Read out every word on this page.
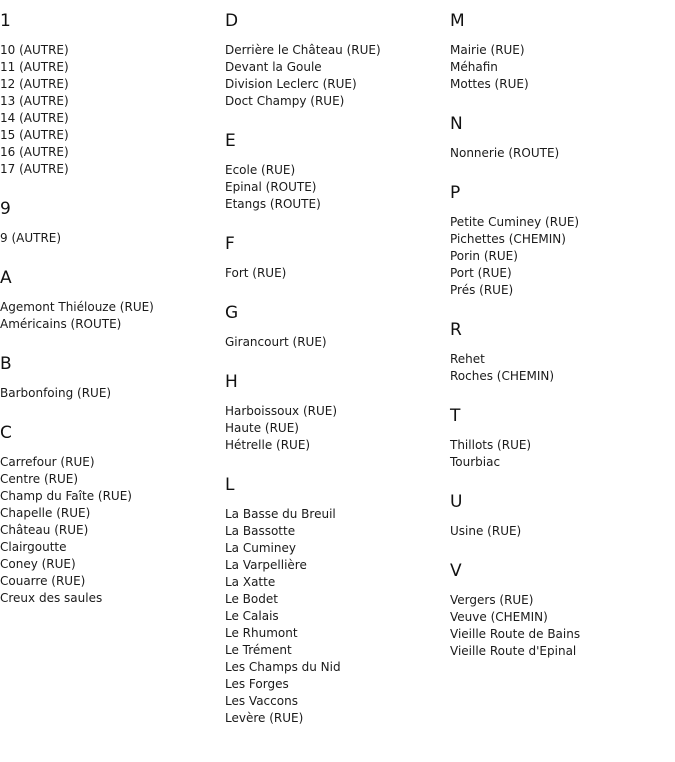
1
10 (AUTRE)
11 (AUTRE)
12 (AUTRE)
13 (AUTRE)
14 (AUTRE)
15 (AUTRE)
16 (AUTRE)
17 (AUTRE)
9
9 (AUTRE)
A
Agemont Thiélouze (RUE)
Américains (ROUTE)
B
Barbonfoing (RUE)
C
Carrefour (RUE)
Centre (RUE)
Champ du Faîte (RUE)
Chapelle (RUE)
Château (RUE)
Clairgoutte
Coney (RUE)
Couarre (RUE)
Creux des saules
D
Derrière le Château (RUE)
Devant la Goule
Division Leclerc (RUE)
Doct Champy (RUE)
E
Ecole (RUE)
Epinal (ROUTE)
Etangs (ROUTE)
F
Fort (RUE)
G
Girancourt (RUE)
H
Harboissoux (RUE)
Haute (RUE)
Hétrelle (RUE)
L
La Basse du Breuil
La Bassotte
La Cuminey
La Varpellière
La Xatte
Le Bodet
Le Calais
Le Rhumont
Le Trément
Les Champs du Nid
Les Forges
Les Vaccons
Levère (RUE)
M
Mairie (RUE)
Méhafin
Mottes (RUE)
N
Nonnerie (ROUTE)
P
Petite Cuminey (RUE)
Pichettes (CHEMIN)
Porin (RUE)
Port (RUE)
Prés (RUE)
R
Rehet
Roches (CHEMIN)
T
Thillots (RUE)
Tourbiac
U
Usine (RUE)
V
Vergers (RUE)
Veuve (CHEMIN)
Vieille Route de Bains
Vieille Route d'Epinal
